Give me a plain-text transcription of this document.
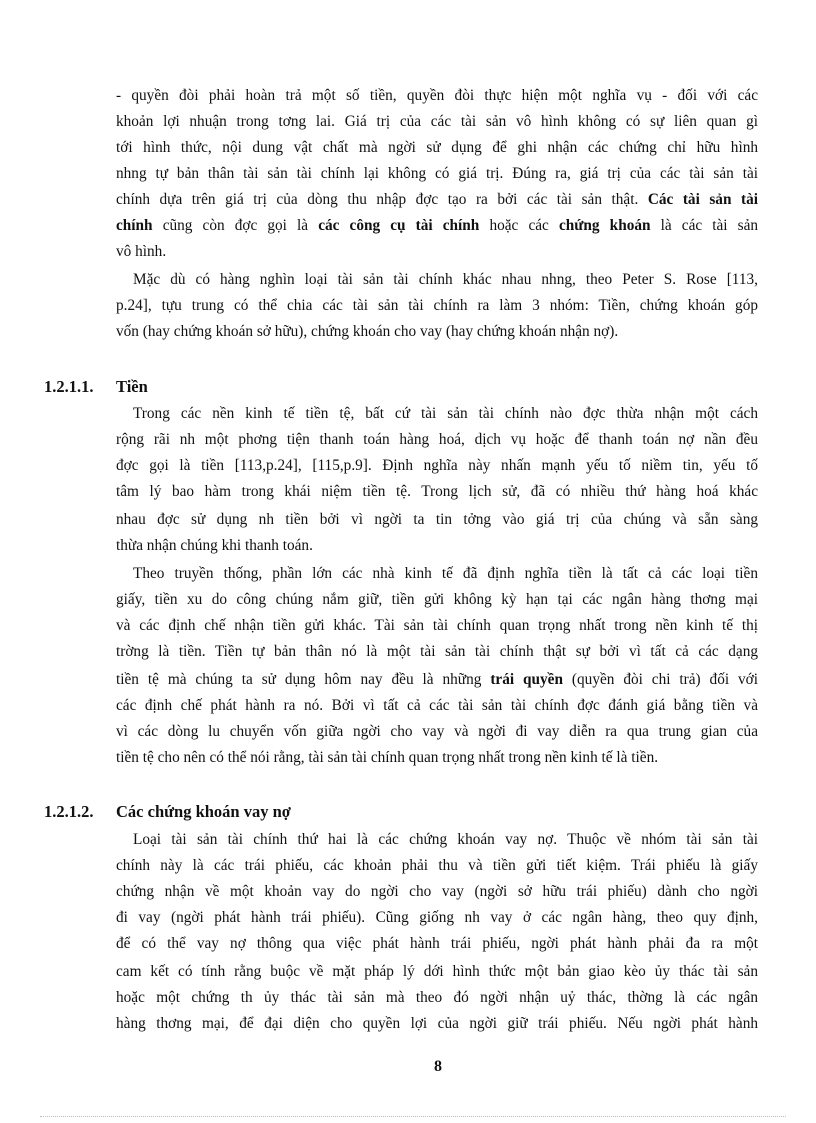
- quyền đòi phải hoàn trả một số tiền, quyền đòi thực hiện một nghĩa vụ - đối với các
khoản lợi nhuận trong tơng lai. Giá trị của các tài sản vô hình không có sự liên quan gì
tới hình thức, nội dung vật chất mà ngời sử dụng để ghi nhận các chứng chỉ hữu hình
nhng tự bản thân tài sản tài chính lại không có giá trị. Đúng ra, giá trị của các tài sản tài
chính dựa trên giá trị của dòng thu nhập đợc tạo ra bởi các tài sản thật. Các tài sản tài
chính cũng còn đợc gọi là các công cụ tài chính hoặc các chứng khoán là các tài sản
vô hình.
Mặc dù có hàng nghìn loại tài sản tài chính khác nhau nhng, theo Peter S. Rose [113,
p.24], tựu trung có thể chia các tài sản tài chính ra làm 3 nhóm: Tiền, chứng khoán góp
vốn (hay chứng khoán sở hữu), chứng khoán cho vay (hay chứng khoán nhận nợ).
1.2.1.1. Tiền
Trong các nền kinh tế tiền tệ, bất cứ tài sản tài chính nào đợc thừa nhận một cách
rộng rãi nh một phơng tiện thanh toán hàng hoá, dịch vụ hoặc để thanh toán nợ nần đều
đợc gọi là tiền [113,p.24], [115,p.9]. Định nghĩa này nhấn mạnh yếu tố niềm tin, yếu tố
tâm lý bao hàm trong khái niệm tiền tệ. Trong lịch sử, đã có nhiều thứ hàng hoá khác
nhau đợc sử dụng nh tiền bởi vì ngời ta tin tởng vào giá trị của chúng và sẵn sàng
thừa nhận chúng khi thanh toán.
Theo truyền thống, phần lớn các nhà kinh tế đã định nghĩa tiền là tất cả các loại tiền
giấy, tiền xu do công chúng nắm giữ, tiền gửi không kỳ hạn tại các ngân hàng thơng mại
và các định chế nhận tiền gửi khác. Tài sản tài chính quan trọng nhất trong nền kinh tế thị
trờng là tiền. Tiền tự bản thân nó là một tài sản tài chính thật sự bởi vì tất cả các dạng
tiền tệ mà chúng ta sử dụng hôm nay đều là những trái quyền (quyền đòi chi trả) đối với
các định chế phát hành ra nó. Bởi vì tất cả các tài sản tài chính đợc đánh giá bằng tiền và
vì các dòng lu chuyển vốn giữa ngời cho vay và ngời đi vay diễn ra qua trung gian của
tiền tệ cho nên có thể nói rằng, tài sản tài chính quan trọng nhất trong nền kinh tế là tiền.
1.2.1.2. Các chứng khoán vay nợ
Loại tài sản tài chính thứ hai là các chứng khoán vay nợ. Thuộc về nhóm tài sản tài
chính này là các trái phiếu, các khoản phải thu và tiền gửi tiết kiệm. Trái phiếu là giấy
chứng nhận về một khoản vay do ngời cho vay (ngời sở hữu trái phiếu) dành cho ngời
đi vay (ngời phát hành trái phiếu). Cũng giống nh vay ở các ngân hàng, theo quy định,
để có thể vay nợ thông qua việc phát hành trái phiếu, ngời phát hành phải đa ra một
cam kết có tính rằng buộc về mặt pháp lý dới hình thức một bản giao kèo ủy thác tài sản
hoặc một chứng th ủy thác tài sản mà theo đó ngời nhận uỷ thác, thờng là các ngân
hàng thơng mại, để đại diện cho quyền lợi của ngời giữ trái phiếu. Nếu ngời phát hành
8
